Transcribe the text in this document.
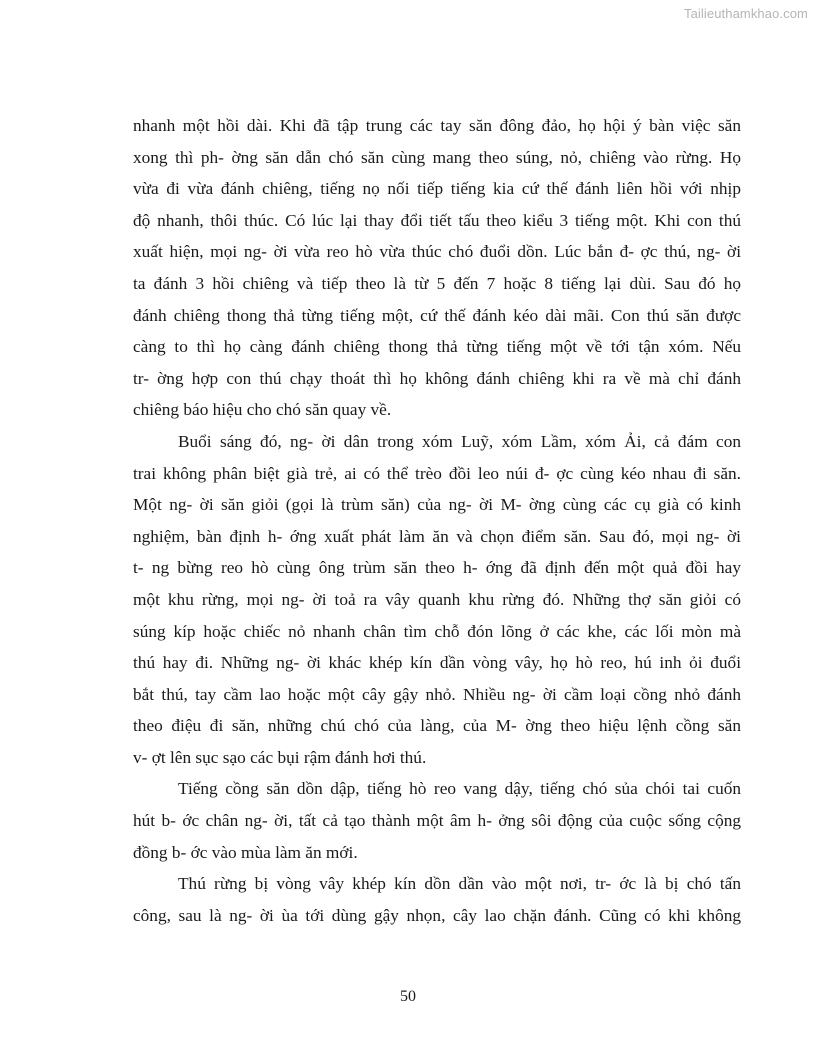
Tailieuthamkhao.com
nhanh một hồi dài. Khi đã tập trung các tay săn đông đảo, họ hội ý bàn việc săn
xong thì ph- ờng săn dẫn chó săn cùng mang theo súng, nỏ, chiêng vào rừng. Họ
vừa đi vừa đánh chiêng, tiếng nọ nối tiếp tiếng kia cứ thế đánh liên hồi với nhịp
độ nhanh, thôi thúc. Có lúc lại thay đổi tiết tấu theo kiểu 3 tiếng một. Khi con thú
xuất hiện, mọi ng- ời vừa reo hò vừa thúc chó đuổi dồn. Lúc bắn đ- ợc thú, ng- ời
ta đánh 3 hồi chiêng và tiếp theo là từ 5 đến 7 hoặc 8 tiếng lại dùi. Sau đó họ
đánh chiêng thong thả từng tiếng một, cứ thế đánh kéo dài mãi. Con thú săn được
càng to thì họ càng đánh chiêng thong thả từng tiếng một về tới tận xóm. Nếu
tr- ờng hợp con thú chạy thoát thì họ không đánh chiêng khi ra về mà chỉ đánh
chiêng báo hiệu cho chó săn quay về.
Buổi sáng đó, ng- ời dân trong xóm Luỹ, xóm Lầm, xóm Ải, cả đám con
trai không phân biệt già trẻ, ai có thể trèo đồi leo núi đ- ợc cùng kéo nhau đi săn.
Một ng- ời săn giỏi (gọi là trùm săn) của ng- ời M- ờng cùng các cụ già có kinh
nghiệm, bàn định h- ớng xuất phát làm ăn và chọn điểm săn. Sau đó, mọi ng- ời
t- ng bừng reo hò cùng ông trùm săn theo h- ớng đã định đến một quả đồi hay
một khu rừng, mọi ng- ời toả ra vây quanh khu rừng đó. Những thợ săn giỏi có
súng kíp hoặc chiếc nỏ nhanh chân tìm chỗ đón lõng ở các khe, các lối mòn mà
thú hay đi. Những ng- ời khác khép kín dần vòng vây, họ hò reo, hú inh ỏi đuổi
bắt thú, tay cầm lao hoặc một cây gậy nhỏ. Nhiều ng- ời cầm loại cồng nhỏ đánh
theo điệu đi săn, những chú chó của làng, của M- ờng theo hiệu lệnh cồng săn
v- ợt lên sục sạo các bụi rậm đánh hơi thú.
Tiếng cồng săn dồn dập, tiếng hò reo vang dậy, tiếng chó sủa chói tai cuốn
hút b- ớc chân ng- ời, tất cả tạo thành một âm h- ởng sôi động của cuộc sống cộng
đồng b- ớc vào mùa làm ăn mới.
Thú rừng bị vòng vây khép kín dồn dần vào một nơi, tr- ớc là bị chó tấn
công, sau là ng- ời ùa tới dùng gậy nhọn, cây lao chặn đánh. Cũng có khi không
50
